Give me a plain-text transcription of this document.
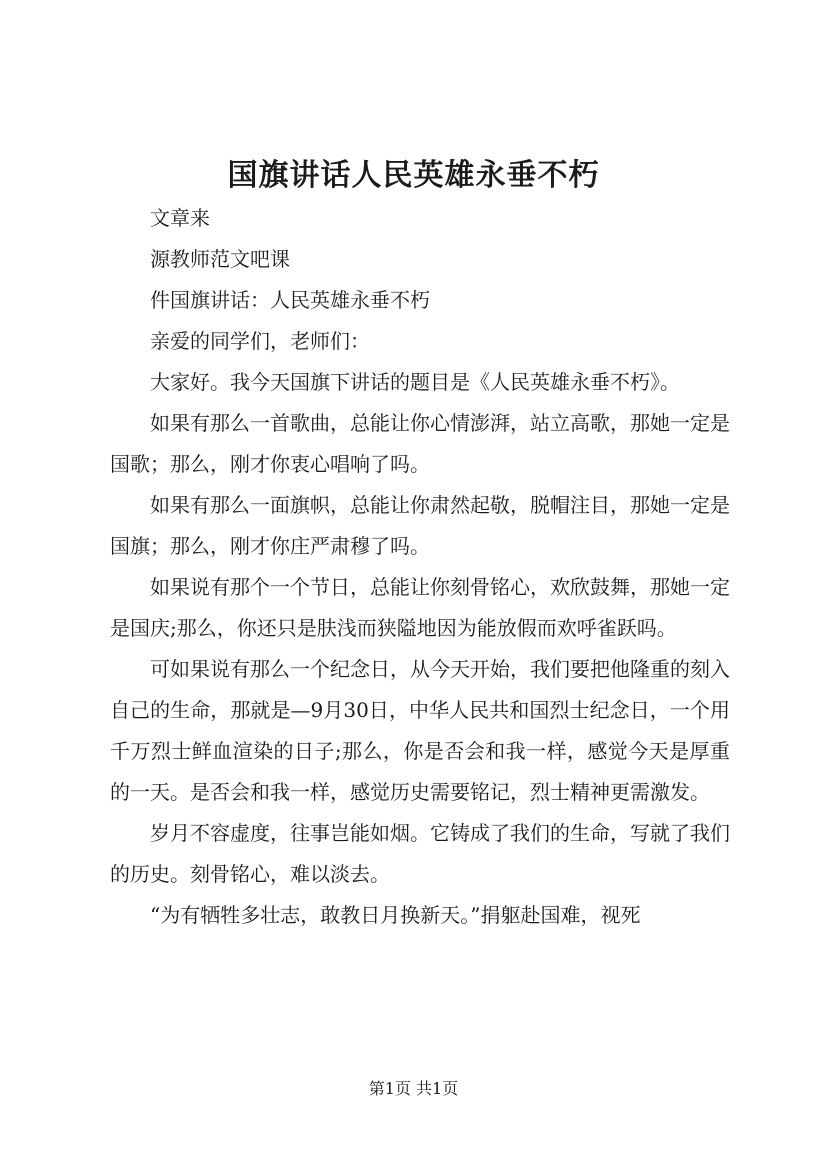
国旗讲话人民英雄永垂不朽

文章来

源教师范文吧课

件国旗讲话：人民英雄永垂不朽

亲爱的同学们，老师们：

大家好。我今天国旗下讲话的题目是《人民英雄永垂不朽》。

如果有那么一首歌曲，总能让你心情澎湃，站立高歌，那她一定是国歌；那么，刚才你衷心唱响了吗。

如果有那么一面旗帜，总能让你肃然起敬，脱帽注目，那她一定是国旗；那么，刚才你庄严肃穆了吗。

如果说有那个一个节日，总能让你刻骨铭心，欢欣鼓舞，那她一定是国庆;那么，你还只是肤浅而狭隘地因为能放假而欢呼雀跃吗。

可如果说有那么一个纪念日，从今天开始，我们要把他隆重的刻入自己的生命，那就是—9月30日，中华人民共和国烈士纪念日，一个用千万烈士鲜血渲染的日子;那么，你是否会和我一样，感觉今天是厚重的一天。是否会和我一样，感觉历史需要铭记，烈士精神更需激发。

岁月不容虚度，往事岂能如烟。它铸成了我们的生命，写就了我们的历史。刻骨铭心，难以淡去。

“为有牺牲多壮志，敢教日月换新天。”捐躯赴国难，视死

第1页 共1页
